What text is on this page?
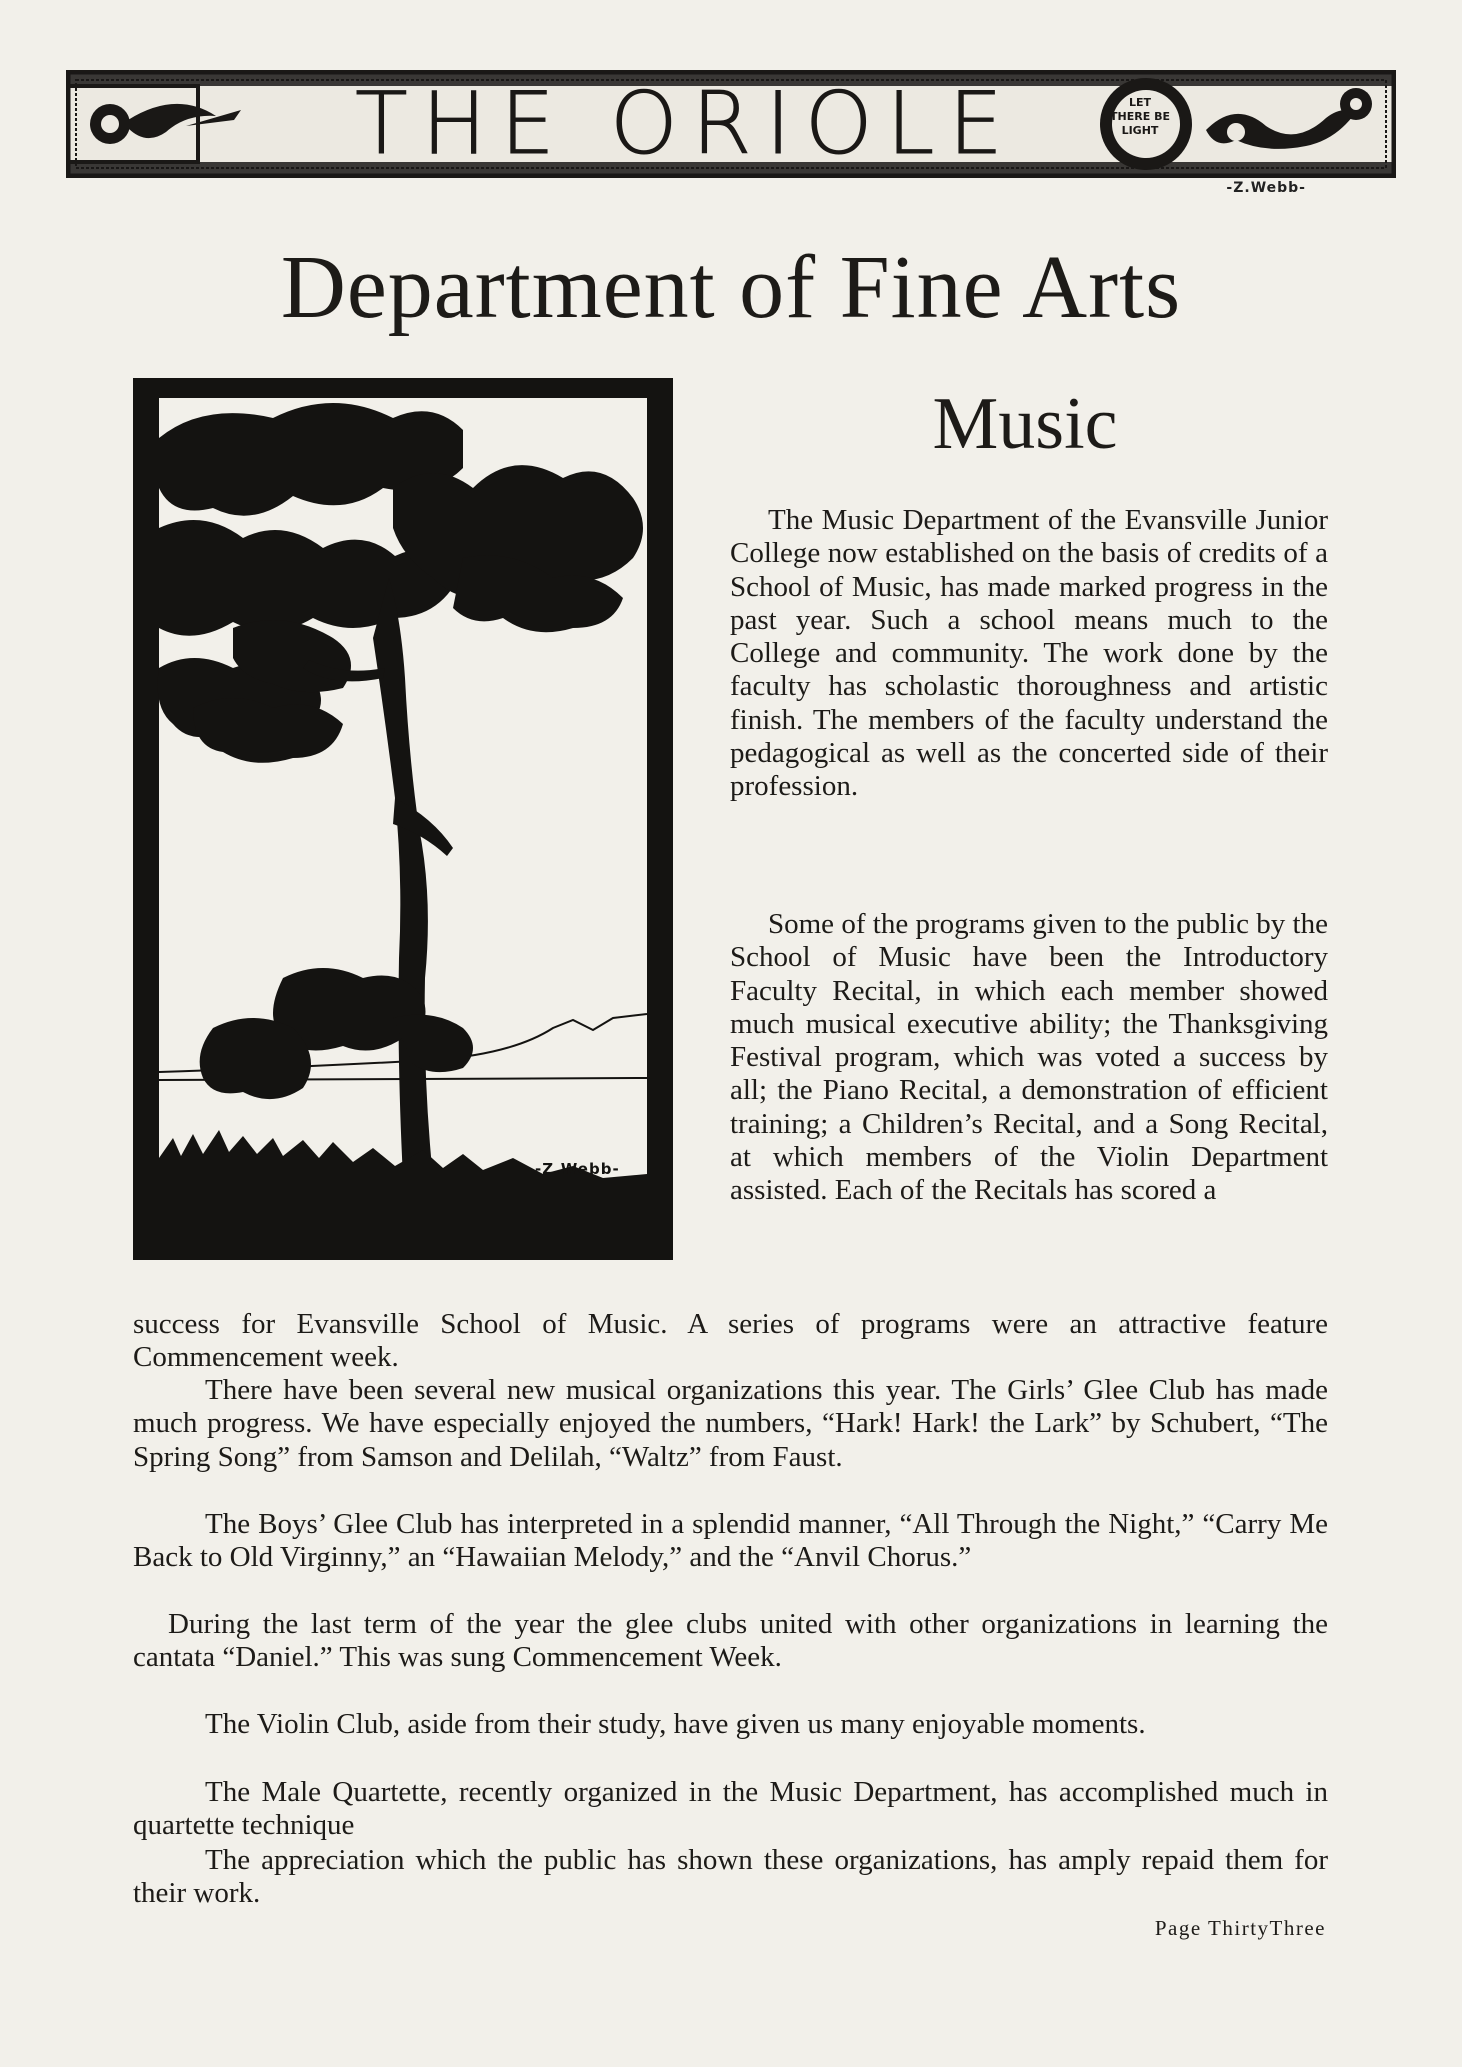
THE ORIOLE	LET
THERE BE
LIGHT
-Z.Webb-
Department of Fine Arts
-Z.Webb-
Music

The Music Department of the Evansville Junior College now established on the basis of credits of a School of Music, has made marked progress in the past year. Such a school means much to the College and community. The work done by the faculty has scholastic thoroughness and artistic finish. The members of the faculty understand the pedagogical as well as the concerted side of their profession.

Some of the programs given to the public by the School of Music have been the Introductory Faculty Recital, in which each member showed much musical executive ability; the Thanksgiving Festival program, which was voted a success by all; the Piano Recital, a demonstration of efficient training; a Children’s Recital, and a Song Recital, at which members of the Violin Department assisted. Each of the Recitals has scored a

success for Evansville School of Music. A series of programs were an attractive feature Commencement week.

There have been several new musical organizations this year. The Girls’ Glee Club has made much progress. We have especially enjoyed the numbers, “Hark! Hark! the Lark” by Schubert, “The Spring Song” from Samson and Delilah, “Waltz” from Faust.

The Boys’ Glee Club has interpreted in a splendid manner, “All Through the Night,” “Carry Me Back to Old Virginny,” an “Hawaiian Melody,” and the “Anvil Chorus.”

During the last term of the year the glee clubs united with other organizations in learning the cantata “Daniel.” This was sung Commencement Week.

The Violin Club, aside from their study, have given us many enjoyable moments.

The Male Quartette, recently organized in the Music Department, has accomplished much in quartette technique

The appreciation which the public has shown these organizations, has amply repaid them for their work.

Page ThirtyThree
